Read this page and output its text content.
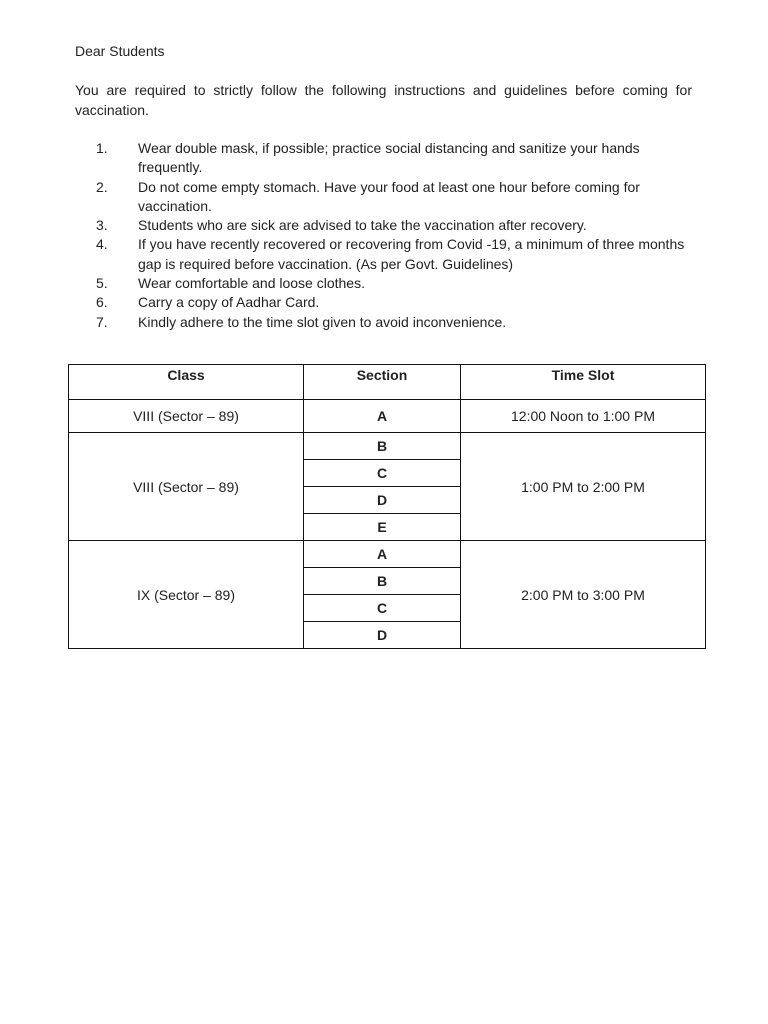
Dear Students
You are required to strictly follow the following instructions and guidelines before coming for vaccination.
1. Wear double mask, if possible; practice social distancing and sanitize your hands frequently.
2. Do not come empty stomach. Have your food at least one hour before coming for vaccination.
3. Students who are sick are advised to take the vaccination after recovery.
4. If you have recently recovered or recovering from Covid -19, a minimum of three months gap is required before vaccination. (As per Govt. Guidelines)
5. Wear comfortable and loose clothes.
6. Carry a copy of Aadhar Card.
7. Kindly adhere to the time slot given to avoid inconvenience.
Class	Section	Time Slot
VIII (Sector – 89)	A	12:00 Noon to 1:00 PM
VIII (Sector – 89)	B	1:00 PM to 2:00 PM
	C	
	D	
	E	
IX (Sector – 89)	A	2:00 PM to 3:00 PM
	B	
	C	
	D	
